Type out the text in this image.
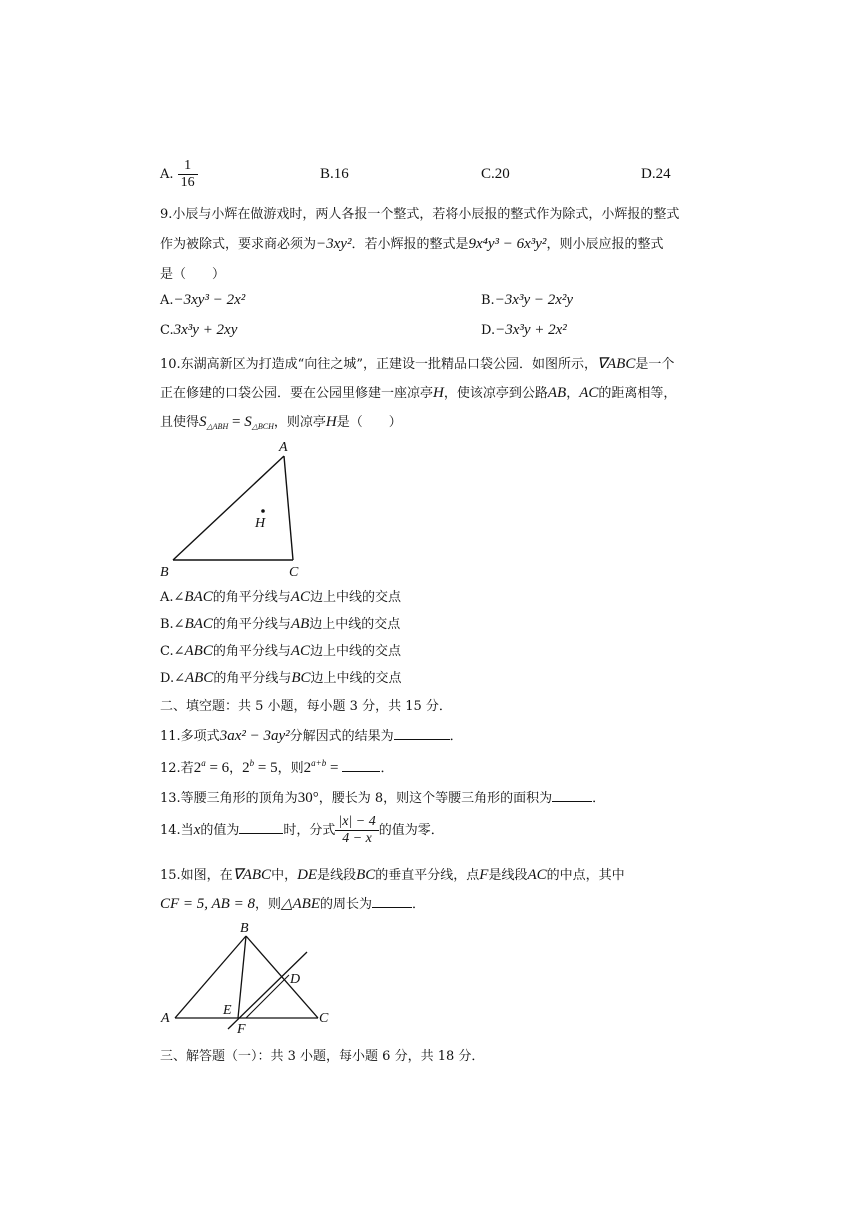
A. $\frac{1}{16}$	B.16	C.20	D.24
9.小辰与小辉在做游戏时，两人各报一个整式，若将小辰报的整式作为除式，小辉报的整式
作为被除式，要求商必须为−3xy²．若小辉报的整式是9x⁴y³ − 6x³y²，则小辰应报的整式
是（　　）
A.−3xy³ − 2x²	B.−3x³y − 2x²y
C.3x³y + 2xy	D.−3x³y + 2x²
10.东湖高新区为打造成“向往之城”，正建设一批精品口袋公园．如图所示，∇ABC是一个
正在修建的口袋公园．要在公园里修建一座凉亭H，使该凉亭到公路AB，AC的距离相等，
且使得$S_{\triangle ABH} = S_{\triangle BCH}$，则凉亭H是（　　）
A
B	C
H
A.∠BAC的角平分线与AC边上中线的交点
B.∠BAC的角平分线与AB边上中线的交点
C.∠ABC的角平分线与AC边上中线的交点
D.∠ABC的角平分线与BC边上中线的交点
二、填空题：共 5 小题，每小题 3 分，共 15 分．
11.多项式3ax² − 3ay²分解因式的结果为	．
12.若$2^a = 6$，$2^b = 5$，则$2^{a+b}$ =	．
13.等腰三角形的顶角为30°，腰长为 8，则这个等腰三角形的面积为	．
14.当x的值为	时，分式 $\frac{|x| - 4}{4 - x}$ 的值为零．
15.如图，在∇ABC中，DE是线段BC的垂直平分线，点F是线段AC的中点，其中
CF = 5, AB = 8，则△ABE的周长为	．
A
B
C
D
E
F
三、解答题（一）：共 3 小题，每小题 6 分，共 18 分．
